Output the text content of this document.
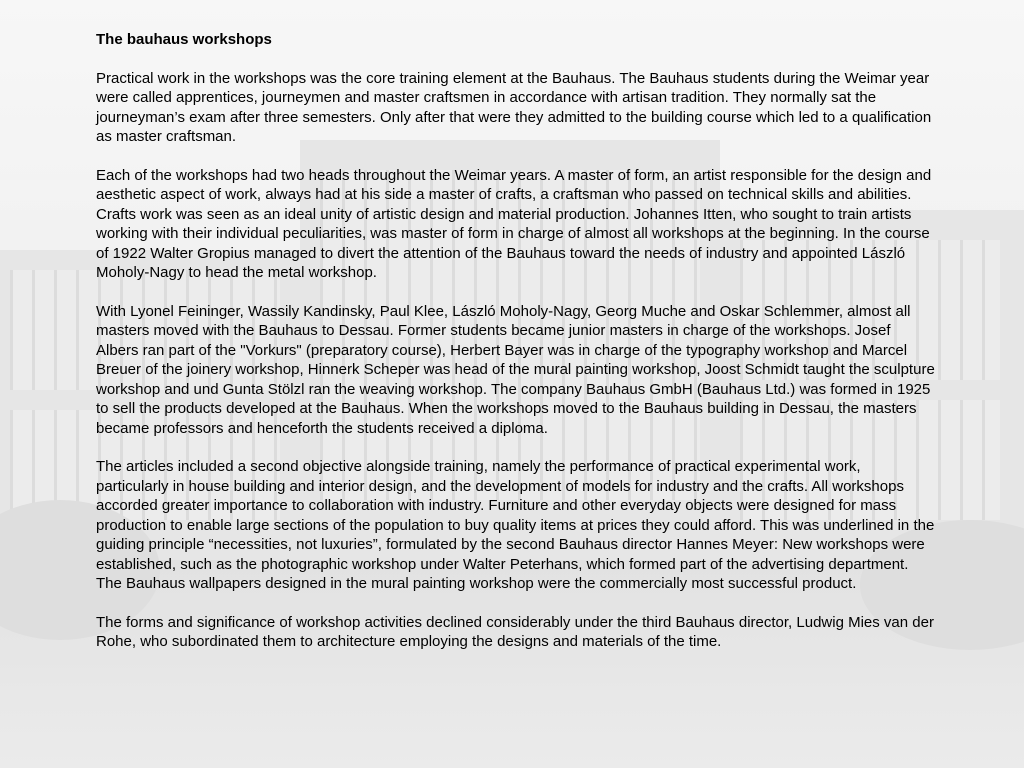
The bauhaus workshops

Practical work in the workshops was the core training element at the Bauhaus. The Bauhaus students during the Weimar year were called apprentices, journeymen and master craftsmen in accordance with artisan tradition. They normally sat the journeyman’s exam after three semesters. Only after that were they admitted to the building course which led to a qualification as master craftsman.

Each of the workshops had two heads throughout the Weimar years. A master of form, an artist responsible for the design and aesthetic aspect of work, always had at his side a master of crafts, a craftsman who passed on technical skills and abilities. Crafts work was seen as an ideal unity of artistic design and material production. Johannes Itten, who sought to train artists working with their individual peculiarities, was master of form in charge of almost all workshops at the beginning. In the course of 1922 Walter Gropius managed to divert the attention of the Bauhaus toward the needs of industry and appointed László Moholy-Nagy to head the metal workshop.

With Lyonel Feininger, Wassily Kandinsky, Paul Klee, László Moholy-Nagy, Georg Muche and Oskar Schlemmer, almost all masters moved with the Bauhaus to Dessau. Former students became junior masters in charge of the workshops. Josef Albers ran part of the "Vorkurs" (preparatory course), Herbert Bayer was in charge of the typography workshop and Marcel Breuer of the joinery workshop, Hinnerk Scheper was head of the mural painting workshop, Joost Schmidt taught the sculpture workshop and und Gunta Stölzl ran the weaving workshop. The company Bauhaus GmbH (Bauhaus Ltd.) was formed in 1925 to sell the products developed at the Bauhaus. When the workshops moved to the Bauhaus building in Dessau, the masters became professors and henceforth the students received a diploma.

The articles included a second objective alongside training, namely the performance of practical experimental work, particularly in house building and interior design, and the development of models for industry and the crafts. All workshops accorded greater importance to collaboration with industry. Furniture and other everyday objects were designed for mass production to enable large sections of the population to buy quality items at prices they could afford. This was underlined in the guiding principle “necessities, not luxuries”, formulated by the second Bauhaus director Hannes Meyer: New workshops were established, such as the photographic workshop under Walter Peterhans, which formed part of the advertising department. The Bauhaus wallpapers designed in the mural painting workshop were the commercially most successful product.

The forms and significance of workshop activities declined considerably under the third Bauhaus director, Ludwig Mies van der Rohe, who subordinated them to architecture employing the designs and materials of the time.
